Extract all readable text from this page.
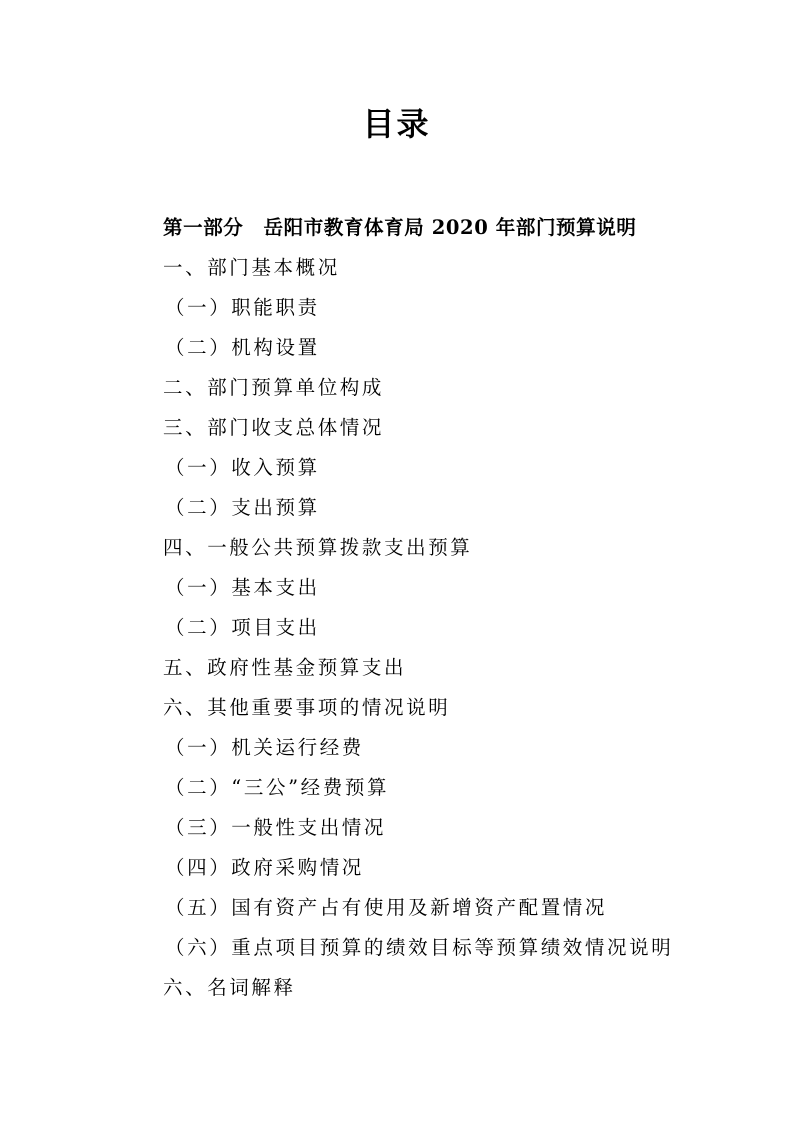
目录
第一部分　岳阳市教育体育局 2020 年部门预算说明
一、部门基本概况
（一）职能职责
（二）机构设置
二、部门预算单位构成
三、部门收支总体情况
（一）收入预算
（二）支出预算
四、一般公共预算拨款支出预算
（一）基本支出
（二）项目支出
五、政府性基金预算支出
六、其他重要事项的情况说明
（一）机关运行经费
（二）“三公”经费预算
（三）一般性支出情况
（四）政府采购情况
（五）国有资产占有使用及新增资产配置情况
（六）重点项目预算的绩效目标等预算绩效情况说明
六、名词解释
